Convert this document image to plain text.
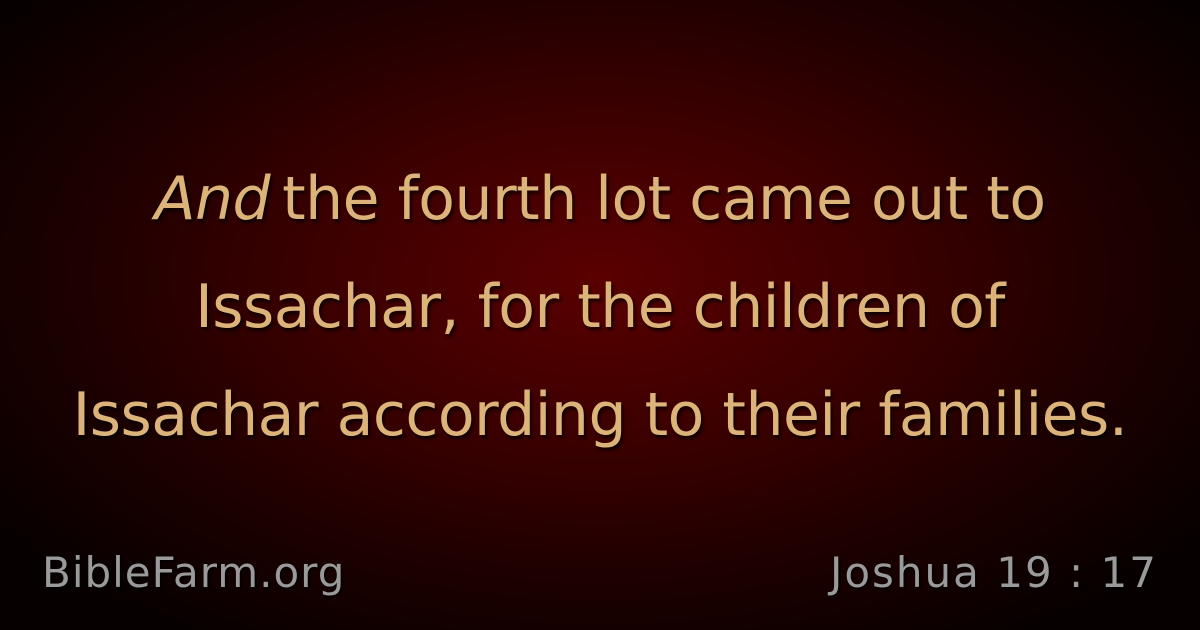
And the fourth lot came out to
Issachar, for the children of
Issachar according to their families.
BibleFarm.org	Joshua 19 : 17
